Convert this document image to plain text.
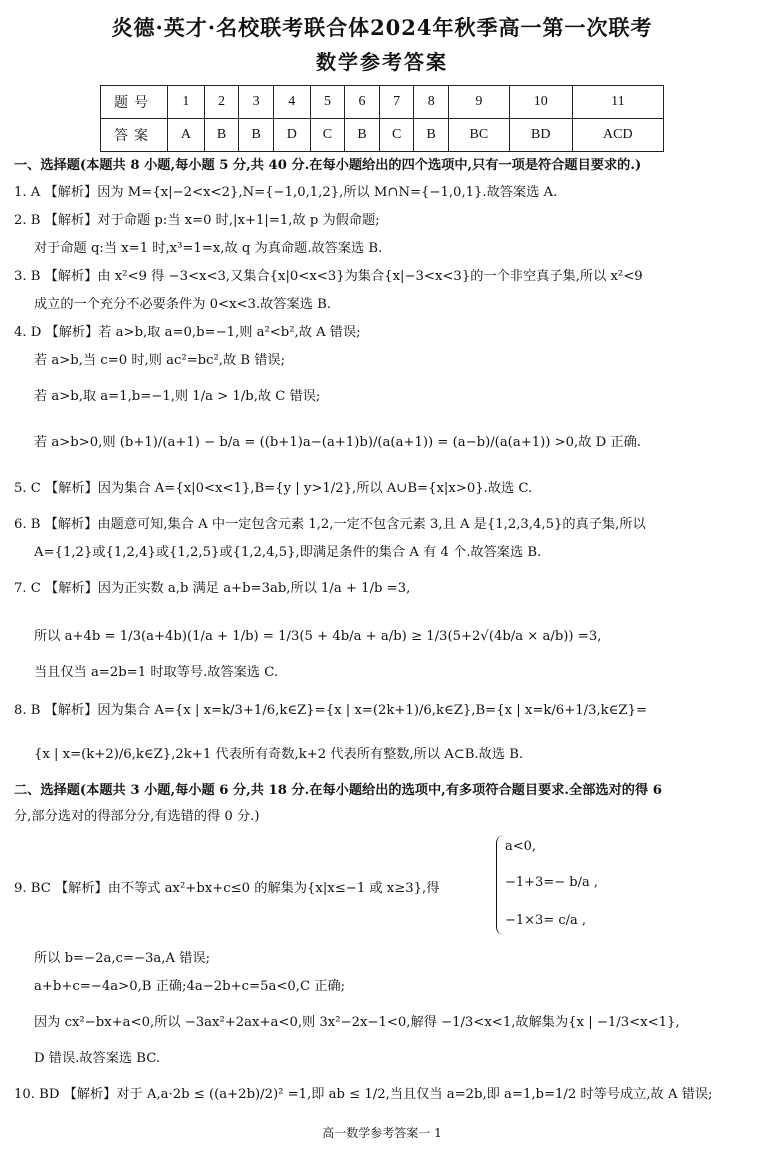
炎德·英才·名校联考联合体2024年秋季高一第一次联考
数学参考答案
题号	1	2	3	4	5	6	7	8	9	10	11
答案	A	B	B	D	C	B	C	B	BC	BD	ACD
一、选择题(本题共 8 小题,每小题 5 分,共 40 分.在每小题给出的四个选项中,只有一项是符合题目要求的.)
1. A 【解析】因为 M={x|−2<x<2},N={−1,0,1,2},所以 M∩N={−1,0,1}.故答案选 A.
2. B 【解析】对于命题 p:当 x=0 时,|x+1|=1,故 p 为假命题;
对于命题 q:当 x=1 时,x³=1=x,故 q 为真命题.故答案选 B.
3. B 【解析】由 x²<9 得 −3<x<3,又集合{x|0<x<3}为集合{x|−3<x<3}的一个非空真子集,所以 x²<9
成立的一个充分不必要条件为 0<x<3.故答案选 B.
4. D 【解析】若 a>b,取 a=0,b=−1,则 a²<b²,故 A 错误;
若 a>b,当 c=0 时,则 ac²=bc²,故 B 错误;
若 a>b,取 a=1,b=−1,则 1/a > 1/b,故 C 错误;
若 a>b>0,则 (b+1)/(a+1) − b/a = ((b+1)a−(a+1)b)/(a(a+1)) = (a−b)/(a(a+1)) >0,故 D 正确.
5. C 【解析】因为集合 A={x|0<x<1},B={y | y>1/2},所以 A∪B={x|x>0}.故选 C.
6. B 【解析】由题意可知,集合 A 中一定包含元素 1,2,一定不包含元素 3,且 A 是{1,2,3,4,5}的真子集,所以
A={1,2}或{1,2,4}或{1,2,5}或{1,2,4,5},即满足条件的集合 A 有 4 个.故答案选 B.
7. C 【解析】因为正实数 a,b 满足 a+b=3ab,所以 1/a + 1/b =3,
所以 a+4b = 1/3(a+4b)(1/a + 1/b) = 1/3(5 + 4b/a + a/b) ≥ 1/3(5+2√(4b/a × a/b)) =3,
当且仅当 a=2b=1 时取等号.故答案选 C.
8. B 【解析】因为集合 A={x | x=k/3+1/6,k∈Z}={x | x=(2k+1)/6,k∈Z},B={x | x=k/6+1/3,k∈Z}=
{x | x=(k+2)/6,k∈Z},2k+1 代表所有奇数,k+2 代表所有整数,所以 A⊂B.故选 B.
二、选择题(本题共 3 小题,每小题 6 分,共 18 分.在每小题给出的选项中,有多项符合题目要求.全部选对的得 6
分,部分选对的得部分分,有选错的得 0 分.)
9. BC 【解析】由不等式 ax²+bx+c≤0 的解集为{x|x≤−1 或 x≥3},得
a<0,
−1+3=− b/a ,
−1×3= c/a ,
所以 b=−2a,c=−3a,A 错误;
a+b+c=−4a>0,B 正确;4a−2b+c=5a<0,C 正确;
因为 cx²−bx+a<0,所以 −3ax²+2ax+a<0,则 3x²−2x−1<0,解得 −1/3<x<1,故解集为{x | −1/3<x<1},
D 错误.故答案选 BC.
10. BD 【解析】对于 A,a·2b ≤ ((a+2b)/2)² =1,即 ab ≤ 1/2,当且仅当 a=2b,即 a=1,b=1/2 时等号成立,故 A 错误;
高一数学参考答案一 1
